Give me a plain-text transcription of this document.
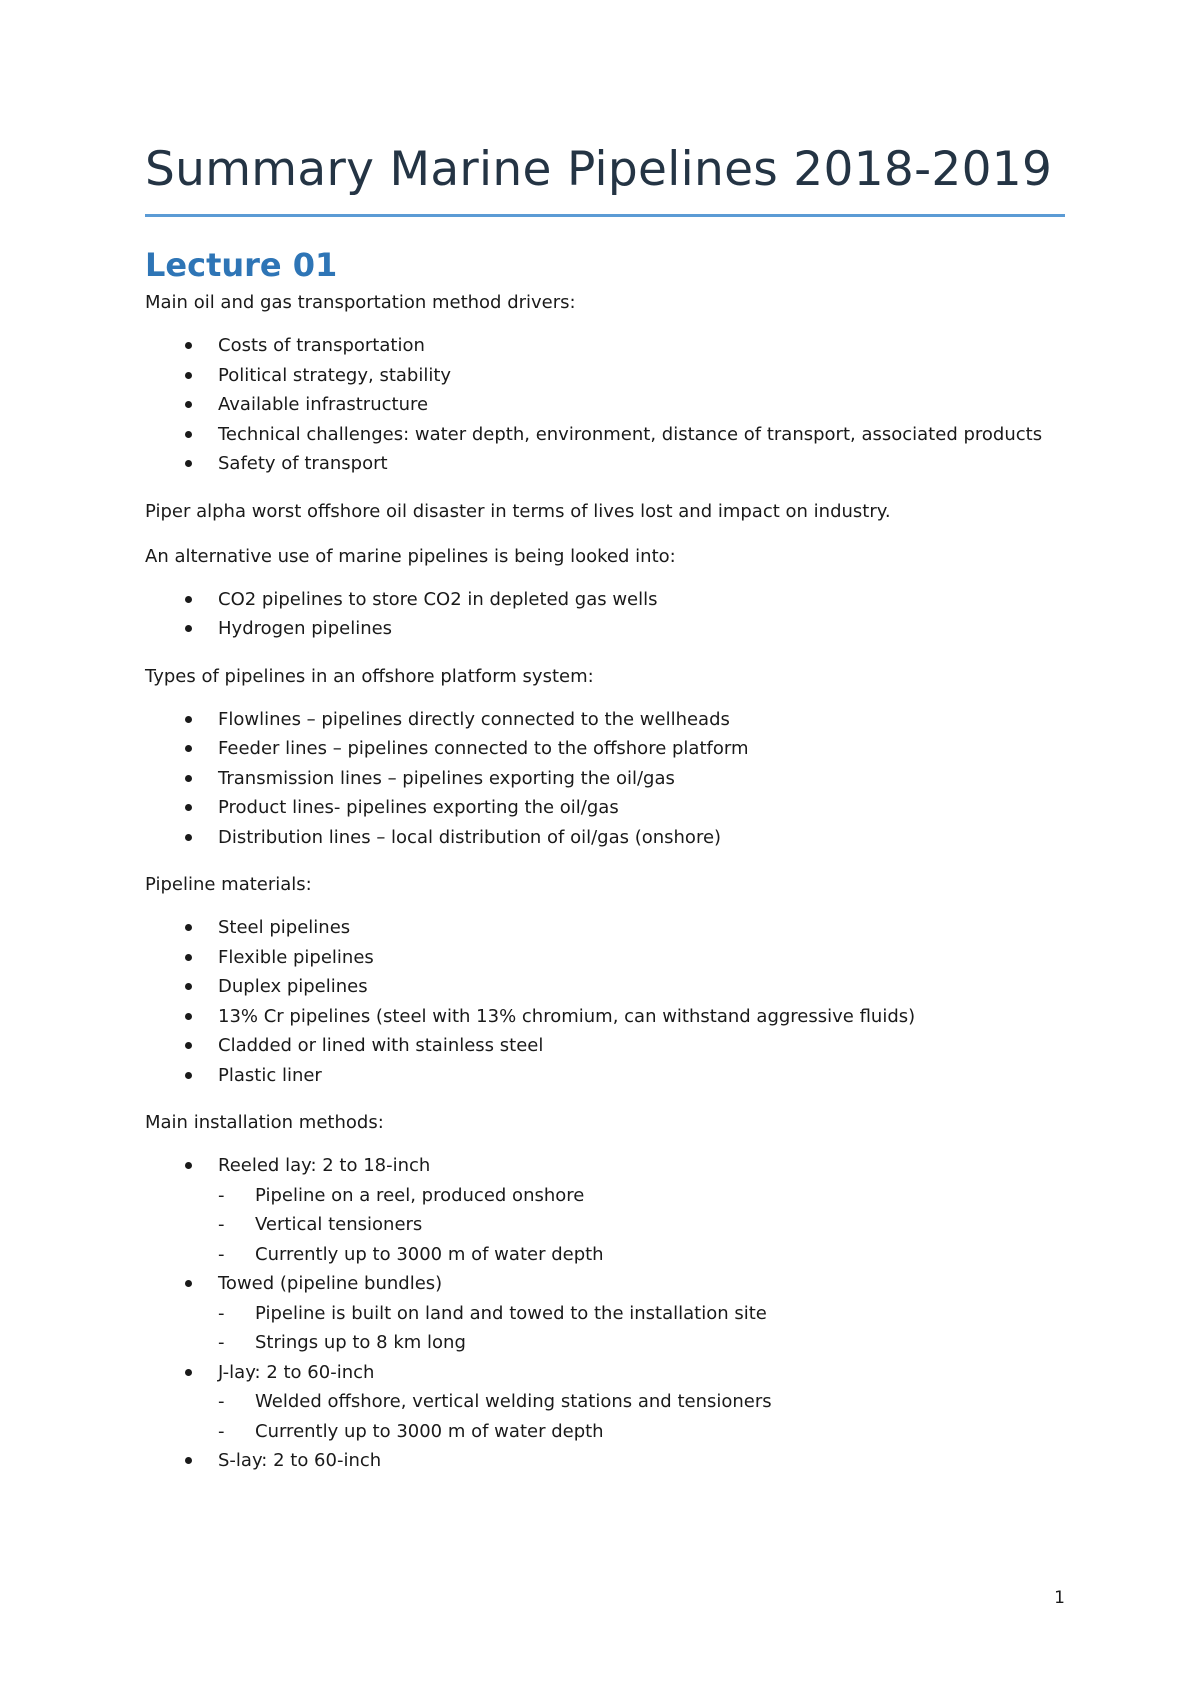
Summary Marine Pipelines 2018-2019
Lecture 01

Main oil and gas transportation method drivers:

Costs of transportation
Political strategy, stability
Available infrastructure
Technical challenges: water depth, environment, distance of transport, associated products
Safety of transport

Piper alpha worst offshore oil disaster in terms of lives lost and impact on industry.

An alternative use of marine pipelines is being looked into:

CO2 pipelines to store CO2 in depleted gas wells
Hydrogen pipelines

Types of pipelines in an offshore platform system:

Flowlines – pipelines directly connected to the wellheads
Feeder lines – pipelines connected to the offshore platform
Transmission lines – pipelines exporting the oil/gas
Product lines- pipelines exporting the oil/gas
Distribution lines – local distribution of oil/gas (onshore)

Pipeline materials:

Steel pipelines
Flexible pipelines
Duplex pipelines
13% Cr pipelines (steel with 13% chromium, can withstand aggressive fluids)
Cladded or lined with stainless steel
Plastic liner

Main installation methods:

Reeled lay: 2 to 18-inch
- Pipeline on a reel, produced onshore
- Vertical tensioners
- Currently up to 3000 m of water depth
Towed (pipeline bundles)
- Pipeline is built on land and towed to the installation site
- Strings up to 8 km long
J-lay: 2 to 60-inch
- Welded offshore, vertical welding stations and tensioners
- Currently up to 3000 m of water depth
S-lay: 2 to 60-inch
1
